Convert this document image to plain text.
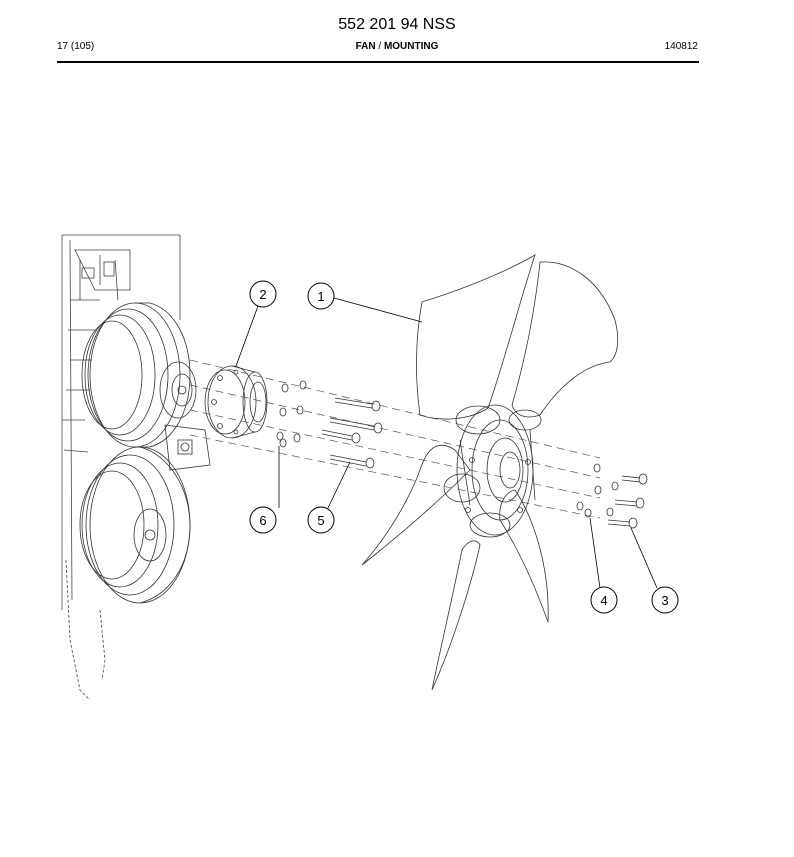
552 201 94 NSS
17 (105)	FAN / MOUNTING	140812
1
2
3
4
5
6
